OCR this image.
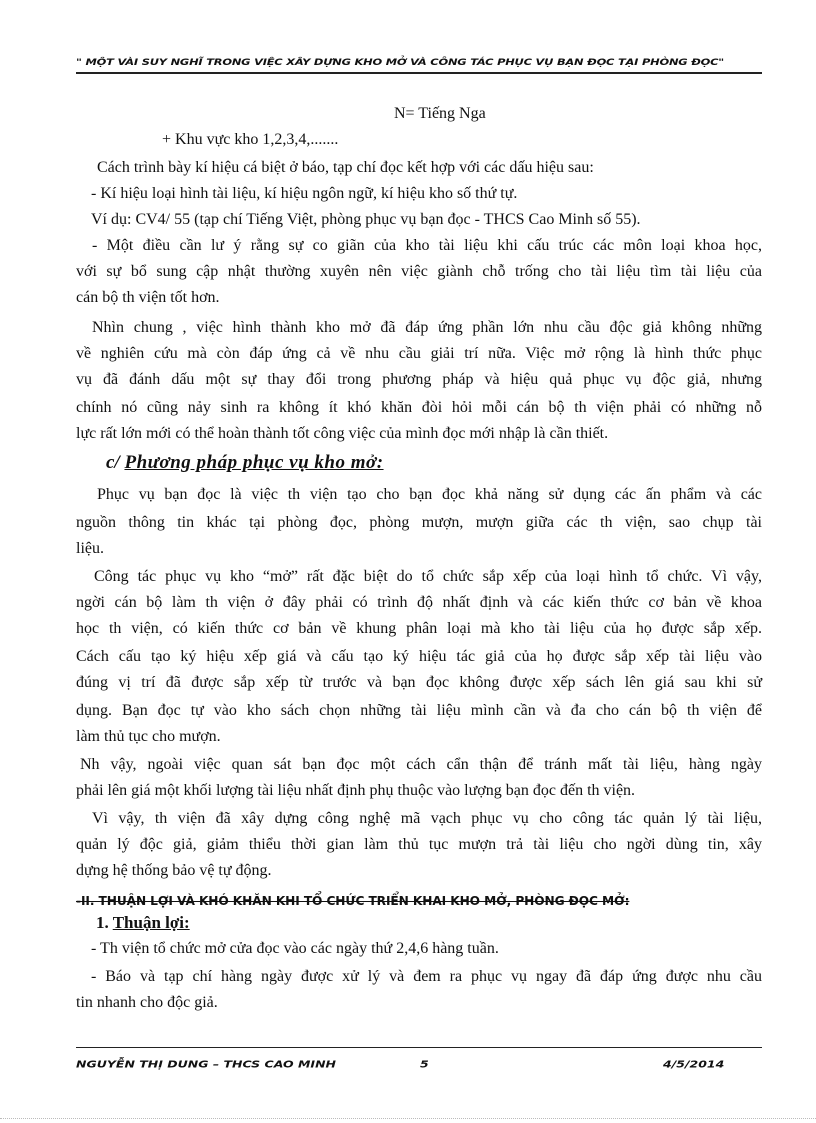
" MỘT VÀI SUY NGHĨ TRONG VIỆC XÂY DỰNG KHO MỞ VÀ CÔNG TÁC PHỤC VỤ BẠN ĐỌC TẠI PHÒNG ĐỌC"
N= Tiếng Nga
+ Khu vực kho 1,2,3,4,.......
Cách trình bày kí hiệu cá biệt ở báo, tạp chí đọc kết hợp với các dấu hiệu sau:
- Kí hiệu loại hình tài liệu, kí hiệu ngôn ngữ, kí hiệu kho số thứ tự.
Ví dụ: CV4/ 55 (tạp chí Tiếng Việt, phòng phục vụ bạn đọc - THCS Cao Minh số 55).
- Một điều cần lư ý rằng sự co giãn của kho tài liệu khi cấu trúc các môn loại khoa học,
với sự bổ sung cập nhật thường xuyên nên việc giành chỗ trống cho tài liệu tìm tài liệu của
cán bộ th viện tốt hơn.
Nhìn chung , việc hình thành kho mở đã đáp ứng phần lớn nhu cầu độc giả không những
về nghiên cứu mà còn đáp ứng cả về nhu cầu giải trí nữa. Việc mở rộng là hình thức phục
vụ đã đánh dấu một sự thay đổi trong phương pháp và hiệu quả phục vụ độc giả, nhưng
chính nó cũng nảy sinh ra không ít khó khăn đòi hỏi mỗi cán bộ th viện phải có những nỗ
lực rất lớn mới có thể hoàn thành tốt công việc của mình đọc mới nhập là cần thiết.
c/ Phương pháp phục vụ kho mở:
Phục vụ bạn đọc là việc th viện tạo cho bạn đọc khả năng sử dụng các ấn phẩm và các
nguồn thông tin khác tại phòng đọc, phòng mượn, mượn giữa các th viện, sao chụp tài
liệu.
Công tác phục vụ kho “mở” rất đặc biệt do tổ chức sắp xếp của loại hình tổ chức. Vì vậy,
ngời cán bộ làm th viện ở đây phải có trình độ nhất định và các kiến thức cơ bản về khoa
học th viện, có kiến thức cơ bản về khung phân loại mà kho tài liệu của họ được sắp xếp.
Cách cấu tạo ký hiệu xếp giá và cấu tạo ký hiệu tác giả của họ được sắp xếp tài liệu vào
đúng vị trí đã được sắp xếp từ trước và bạn đọc không được xếp sách lên giá sau khi sử
dụng. Bạn đọc tự vào kho sách chọn những tài liệu mình cần và đa cho cán bộ th viện để
làm thủ tục cho mượn.
Nh vậy, ngoài việc quan sát bạn đọc một cách cẩn thận để tránh mất tài liệu, hàng ngày
phải lên giá một khối lượng tài liệu nhất định phụ thuộc vào lượng bạn đọc đến th viện.
Vì vậy, th viện đã xây dựng công nghệ mã vạch phục vụ cho công tác quản lý tài liệu,
quản lý độc giả, giảm thiểu thời gian làm thủ tục mượn trả tài liệu cho ngời dùng tin, xây
dựng hệ thống bảo vệ tự động.
-II. THUẬN LỢI VÀ KHÓ KHĂN KHI TỔ CHỨC TRIỂN KHAI KHO MỞ, PHÒNG ĐỌC MỞ:
1. Thuận lợi:
- Th viện tổ chức mở cửa đọc vào các ngày thứ 2,4,6 hàng tuần.
- Báo và tạp chí hàng ngày được xử lý và đem ra phục vụ ngay đã đáp ứng được nhu cầu
tin nhanh cho độc giả.
NGUYỄN THỊ DUNG – THCS CAO MINH	5	4/5/2014
